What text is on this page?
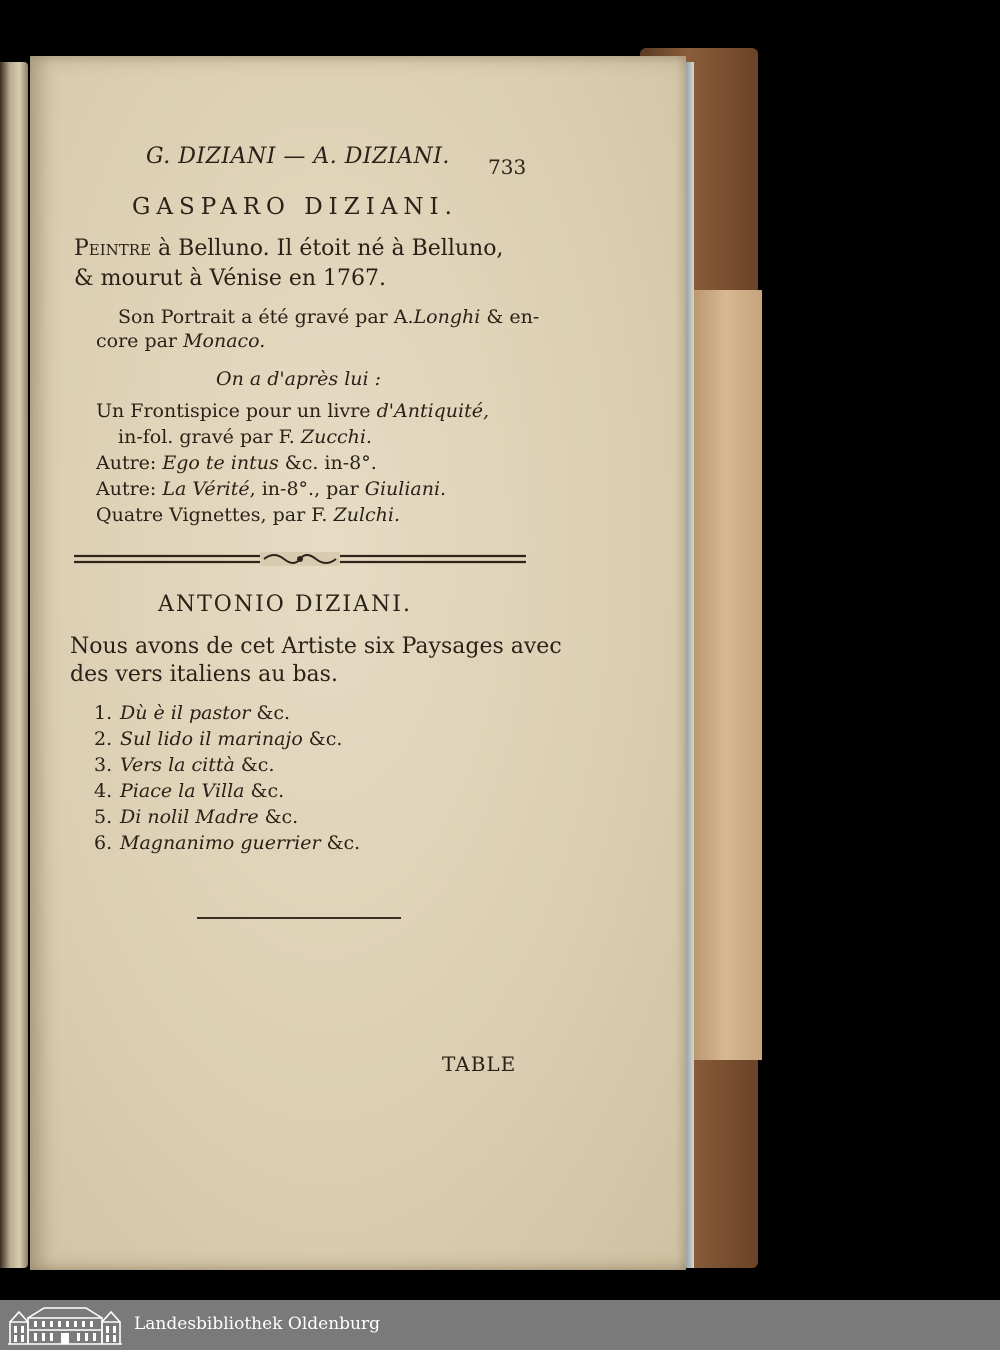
G. DIZIANI — A. DIZIANI. 733
GASPARO DIZIANI.
Peintre à Belluno. Il étoit né à Belluno,
& mourut à Vénise en 1767.
Son Portrait a été gravé par A.Longhi & en-
core par Monaco.
On a d'après lui :
Un Frontispice pour un livre d'Antiquité,
in-fol. gravé par F. Zucchi.
Autre: Ego te intus &c. in-8°.
Autre: La Vérité, in-8°., par Giuliani.
Quatre Vignettes, par F. Zulchi.
ANTONIO DIZIANI.
Nous avons de cet Artiste six Paysages avec
des vers italiens au bas.
1. Dù è il pastor &c.
2. Sul lido il marinajo &c.
3. Vers la città &c.
4. Piace la Villa &c.
5. Di nolil Madre &c.
6. Magnanimo guerrier &c.
TABLE
Landesbibliothek Oldenburg
